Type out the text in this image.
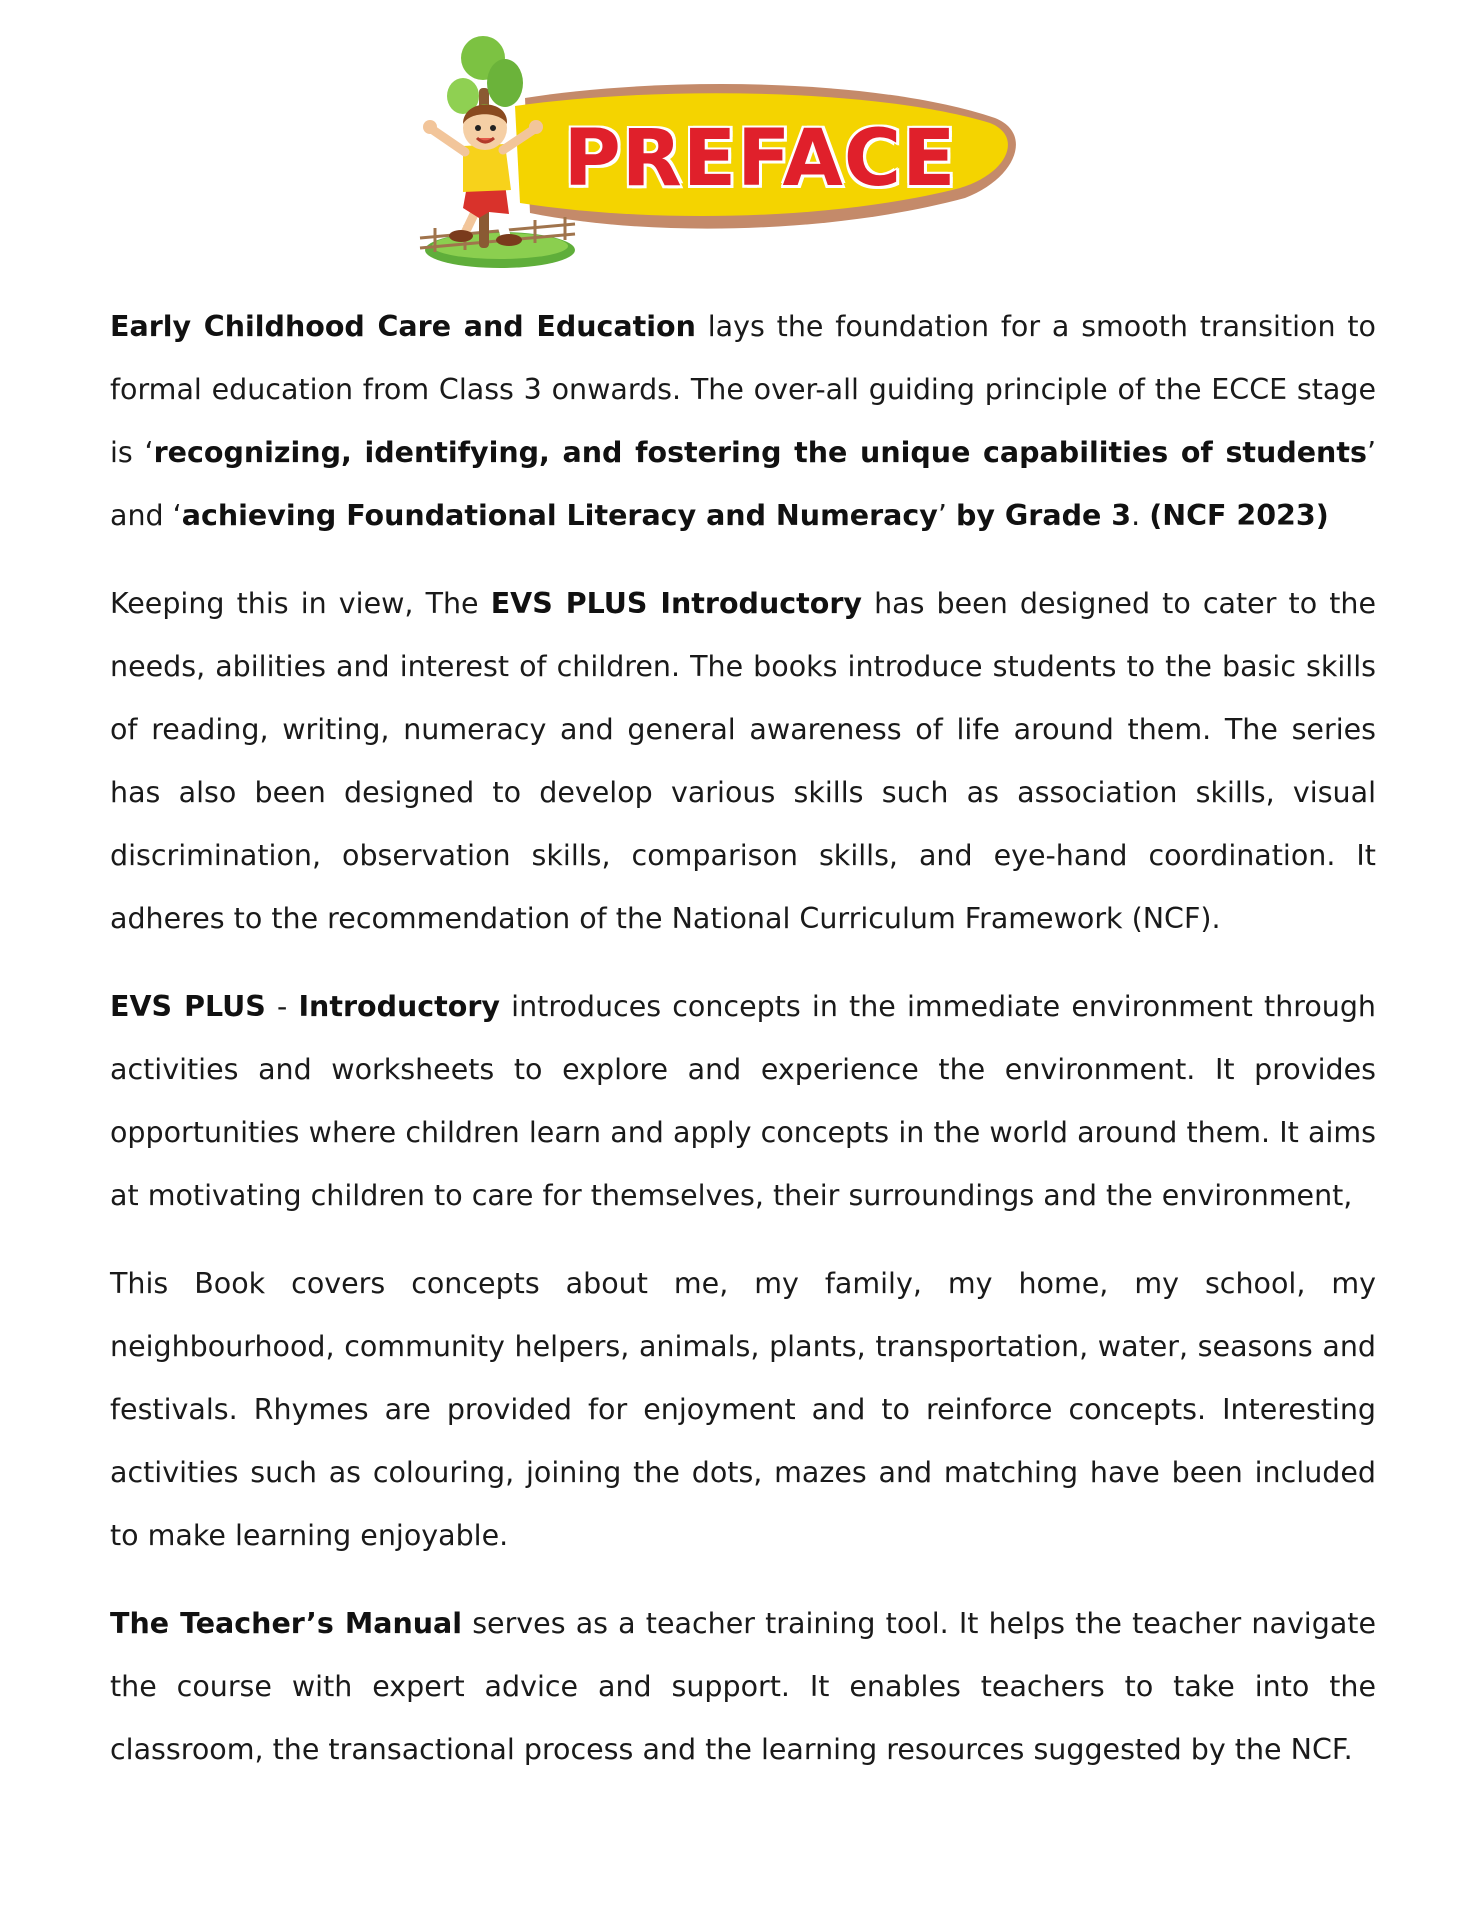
PREFACE

Early Childhood Care and Education lays the foundation for a smooth transition to formal education from Class 3 onwards. The over-all guiding principle of the ECCE stage is ‘recognizing, identifying, and fostering the unique capabilities of students’ and ‘achieving Foundational Literacy and Numeracy’ by Grade 3. (NCF 2023)

Keeping this in view, The EVS PLUS Introductory has been designed to cater to the needs, abilities and interest of children. The books introduce students to the basic skills of reading, writing, numeracy and general awareness of life around them. The series has also been designed to develop various skills such as association skills, visual discrimination, observation skills, comparison skills, and eye-hand coordination. It adheres to the recommendation of the National Curriculum Framework (NCF).

EVS PLUS - Introductory introduces concepts in the immediate environment through activities and worksheets to explore and experience the environment. It provides opportunities where children learn and apply concepts in the world around them. It aims at motivating children to care for themselves, their surroundings and the environment,

This Book covers concepts about me, my family, my home, my school, my neighbourhood, community helpers, animals, plants, transportation, water, seasons and festivals. Rhymes are provided for enjoyment and to reinforce concepts. Interesting activities such as colouring, joining the dots, mazes and matching have been included to make learning enjoyable.

The Teacher’s Manual serves as a teacher training tool. It helps the teacher navigate the course with expert advice and support. It enables teachers to take into the classroom, the transactional process and the learning resources suggested by the NCF.
